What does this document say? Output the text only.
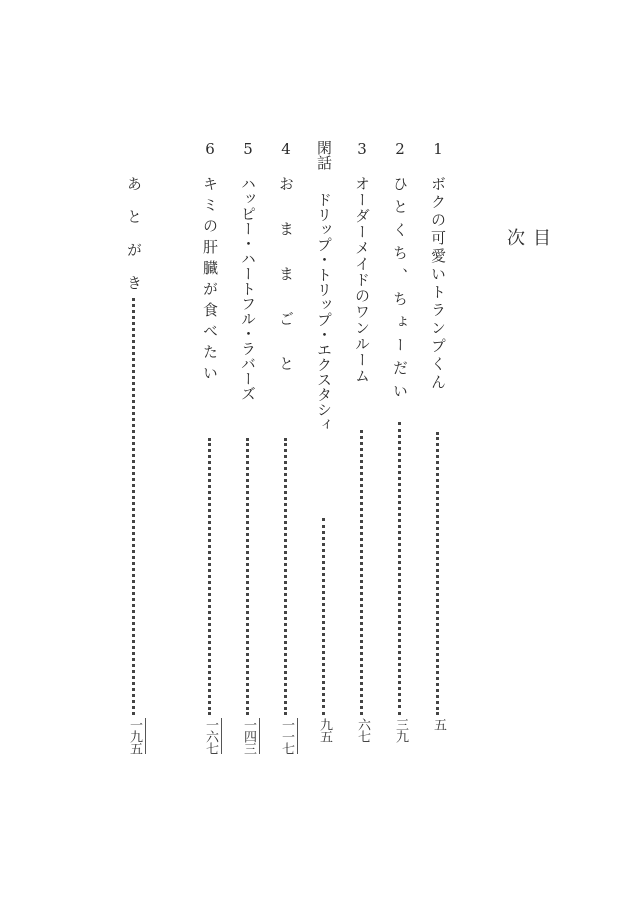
目次
1
ボクの可愛いトランプくん
五
2
ひとくち、ちょーだい
三九
3
オーダーメイドのワンルーム
六七
閑話
ドリップ・トリップ・エクスタシィ
九五
4
おままごと
一一七
5
ハッピー・ハートフル・ラバーズ
一四三
6
キミの肝臓が食べたい
一六七
あとがき
一九五
